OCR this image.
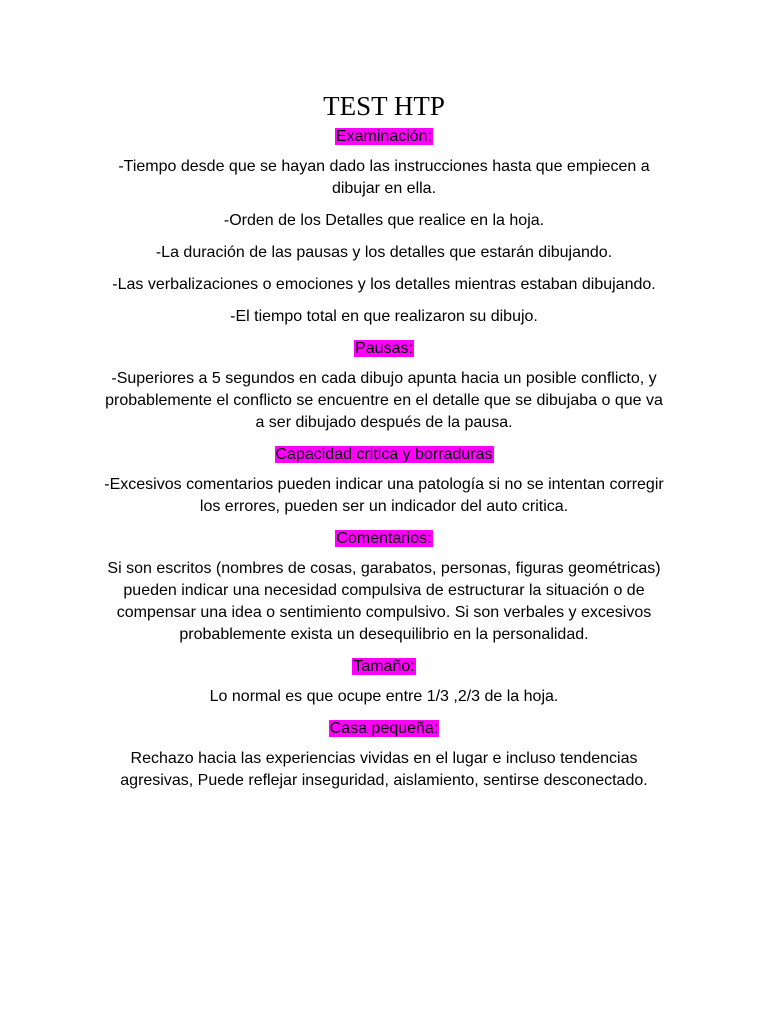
TEST HTP
Examinación:

-Tiempo desde que se hayan dado las instrucciones hasta que empiecen a dibujar en ella.

-Orden de los Detalles que realice en la hoja.

-La duración de las pausas y los detalles que estarán dibujando.

-Las verbalizaciones o emociones y los detalles mientras estaban dibujando.

-El tiempo total en que realizaron su dibujo.

Pausas:

-Superiores a 5 segundos en cada dibujo apunta hacia un posible conflicto, y probablemente el conflicto se encuentre en el detalle que se dibujaba o que va a ser dibujado después de la pausa.

Capacidad critica y borraduras

-Excesivos comentarios pueden indicar una patología si no se intentan corregir los errores, pueden ser un indicador del auto critica.

Comentarios:

Si son escritos (nombres de cosas, garabatos, personas, figuras geométricas) pueden indicar una necesidad compulsiva de estructurar la situación o de compensar una idea o sentimiento compulsivo. Si son verbales y excesivos probablemente exista un desequilibrio en la personalidad.

Tamaño:

Lo normal es que ocupe entre 1/3 ,2/3 de la hoja.

Casa pequeña:

Rechazo hacia las experiencias vividas en el lugar e incluso tendencias agresivas, Puede reflejar inseguridad, aislamiento, sentirse desconectado.
